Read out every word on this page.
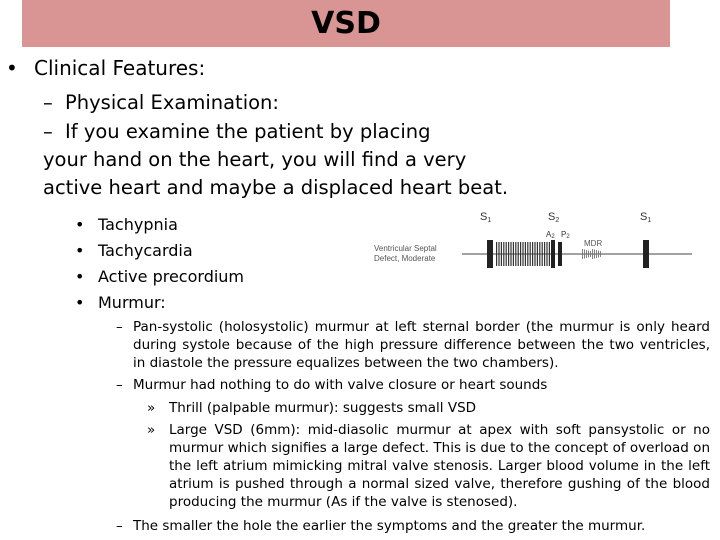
VSD
• Clinical Features:
– Physical Examination:
– If you examine the patient by placing
your hand on the heart, you will find a very
active heart and maybe a displaced heart beat.
• Tachypnia
• Tachycardia
• Active precordium
• Murmur:
S1	S2	S1
A2 P2
MDR
Ventricular Septal
Defect, Moderate
– Pan-systolic (holosystolic) murmur at left sternal border (the murmur is only heard during systole because of the high pressure difference between the two ventricles, in diastole the pressure equalizes between the two chambers).
– Murmur had nothing to do with valve closure or heart sounds
»	Thrill (palpable murmur): suggests small VSD
»	Large VSD (6mm): mid-diasolic murmur at apex with soft pansystolic or no murmur which signifies a large defect. This is due to the concept of overload on the left atrium mimicking mitral valve stenosis. Larger blood volume in the left atrium is pushed through a normal sized valve, therefore gushing of the blood producing the murmur (As if the valve is stenosed).
– The smaller the hole the earlier the symptoms and the greater the murmur.
